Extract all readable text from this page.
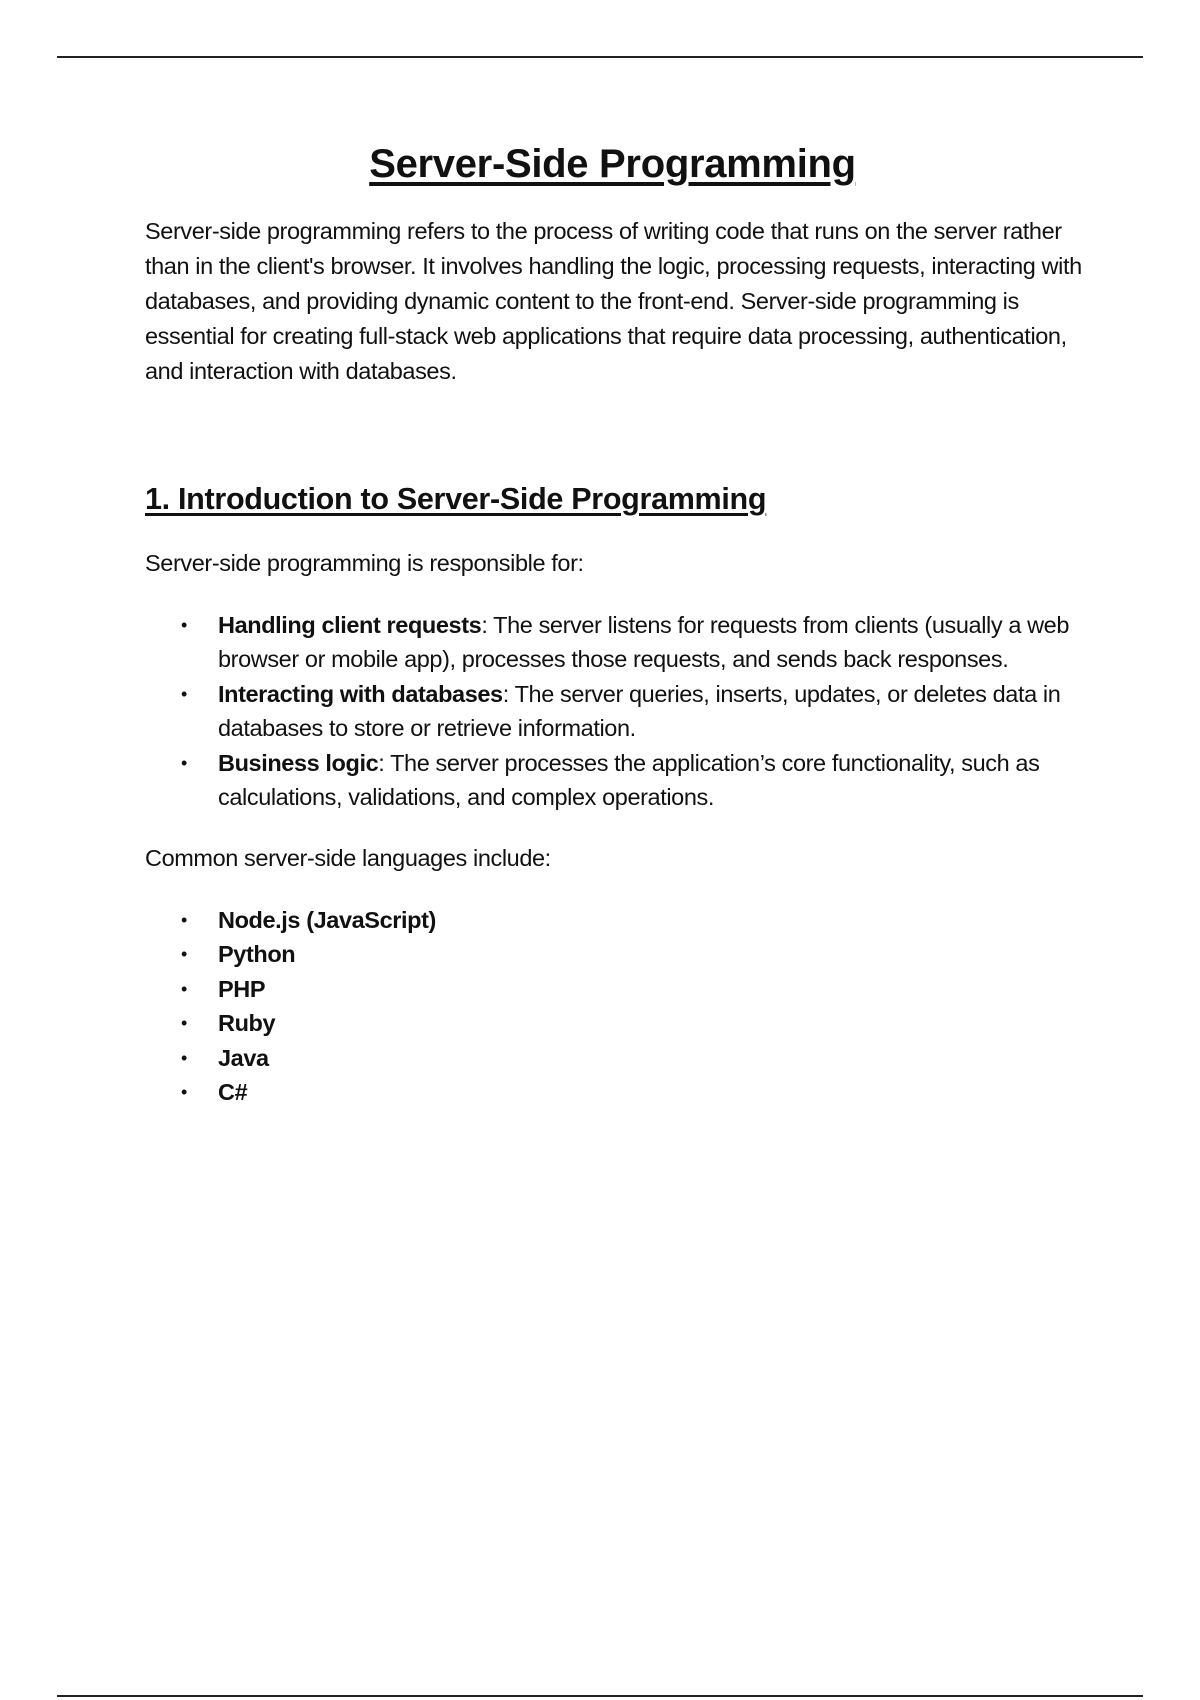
Server-Side Programming

Server-side programming refers to the process of writing code that runs on the server rather than in the client's browser. It involves handling the logic, processing requests, interacting with databases, and providing dynamic content to the front-end. Server-side programming is essential for creating full-stack web applications that require data processing, authentication, and interaction with databases.

1. Introduction to Server-Side Programming

Server-side programming is responsible for:

• Handling client requests: The server listens for requests from clients (usually a web browser or mobile app), processes those requests, and sends back responses.
• Interacting with databases: The server queries, inserts, updates, or deletes data in databases to store or retrieve information.
• Business logic: The server processes the application’s core functionality, such as calculations, validations, and complex operations.

Common server-side languages include:

• Node.js (JavaScript)
• Python
• PHP
• Ruby
• Java
• C#
